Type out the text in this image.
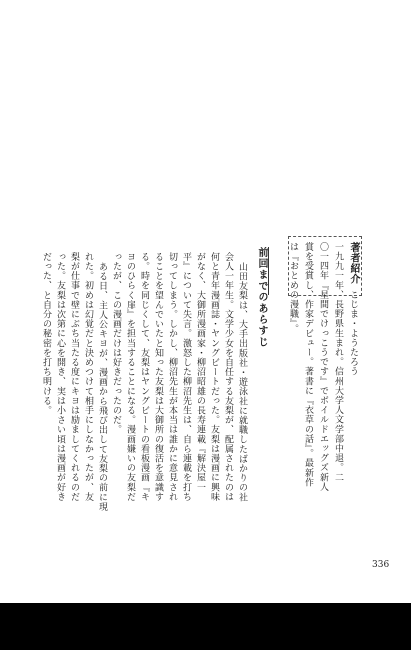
著者紹介
こじま・ようたろう
一九九一年、長野県生まれ。信州大学人文学部中退。二
〇一四年『星間でけっこうです』でボイルドエッグズ新人
賞を受賞し、作家デビュー。著書に『衣草の話』。最新作
は『おとめの漫職』。
前回までのあらすじ
山田友梨は、大手出版社・遊泳社に就職したばかりの社
会人一年生。文学少女を自任する友梨が、配属されたのは
何と青年漫画誌・ヤングビートだった。友梨は漫画に興味
がなく、大御所漫画家・柳沼昭雄の長寿連載『解決屋一
平』について失言。激怒した柳沼先生は、自ら連載を打ち
切ってしまう。しかし、柳沼先生が本当は誰かに意見され
ることを望んでいたと知った友梨は大御所の復活を意識す
る。時を同じくして、友梨はヤングビートの看板漫画『キ
ヨのひらく扉』を担当することになる。漫画嫌いの友梨だ
ったが、この漫画だけは好きだったのだ。
ある日、主人公キヨが、漫画から飛び出して友梨の前に現
れた。初めは幻覚だと決めつけて相手にしなかったが、友
梨が仕事で壁にぶち当たる度にキヨは励ましてくれるのだ
った。友梨は次第に心を開き、実は小さい頃は漫画が好き
だった、と自分の秘密を打ち明ける。
336
